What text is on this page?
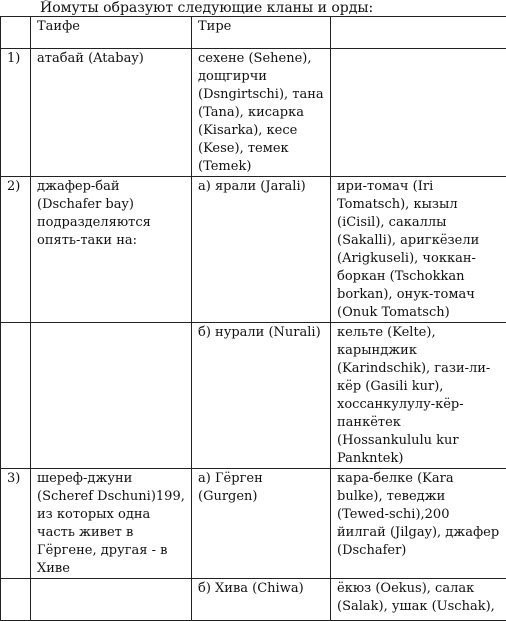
Йомуты образуют следующие кланы и орды:
	Таифе	Тире	
1)	атабай (Atabay)	сехене (Sehene), дощгирчи (Dsngirtschi), тана (Tana), кисарка (Kisarka), кесе (Kese), темек (Temek)	
2)	джафер-бай (Dschafer bay) подразделяются опять-таки на:	а) ярали (Jarali)	ири-томач (Iri Tomatsch), кызыл (iCisil), сакаллы (Sakalli), аригкёзели (Arigkuseli), чоккан-боркан (Tschokkan borkan), онук-томач (Onuk Tomatsch)
		б) нурали (Nurali)	кельте (Kelte), карынджик (Karindschik), гази-ли-кёр (Gasili kur), хоссанкулулу-кёр-панкётек (Hossankululu kur Pankntek)
3)	шереф-джуни (Scheref Dschuni)199, из которых одна часть живет в Гёргене, другая - в Хиве	а) Гёрген (Gurgen)	кара-белке (Kara bulke), теведжи (Tewed-schi),200 йилгай (Jilgay), джафер (Dschafer)
		б) Хива (Chiwa)	ёкюз (Oekus), салак (Salak), ушак (Uschak),
